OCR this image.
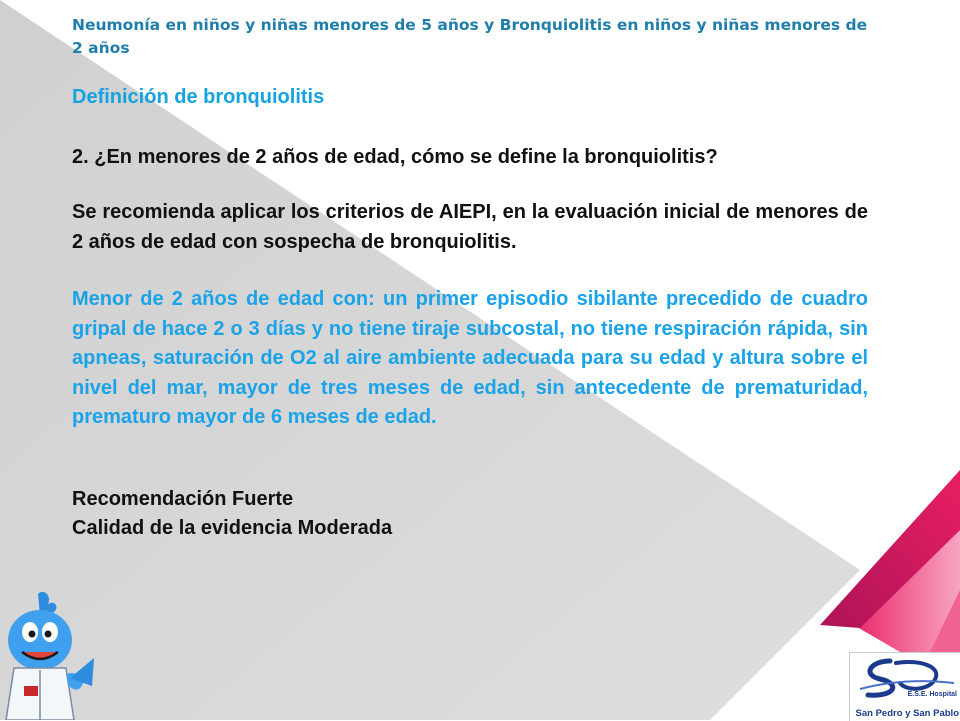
Neumonía en niños y niñas menores de 5 años y Bronquiolitis en niños y niñas menores de 2 años
Definición de bronquiolitis
2. ¿En menores de 2 años de edad, cómo se define la bronquiolitis?
Se recomienda aplicar los criterios de AIEPI, en la evaluación inicial de menores de 2 años de edad con sospecha de bronquiolitis.
Menor de 2 años de edad con: un primer episodio sibilante precedido de cuadro gripal de hace 2 o 3 días y no tiene tiraje subcostal, no tiene respiración rápida, sin apneas, saturación de O2 al aire ambiente adecuada para su edad y altura sobre el nivel del mar, mayor de tres meses de edad, sin antecedente de prematuridad, prematuro mayor de 6 meses de edad.
Recomendación Fuerte
Calidad de la evidencia Moderada
E.S.E. Hospital
San Pedro y San Pablo
